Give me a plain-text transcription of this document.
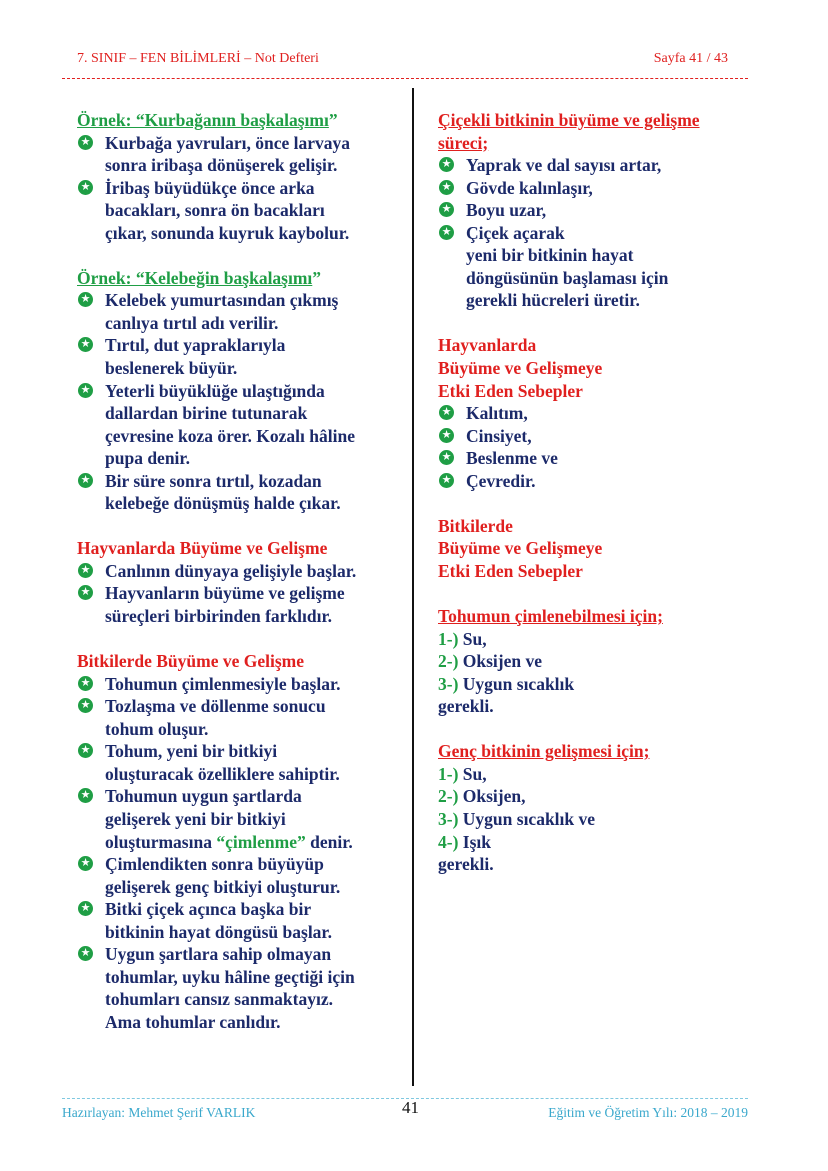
7. SINIF – FEN BİLİMLERİ – Not Defteri	Sayfa 41 / 43
Örnek: “Kurbağanın başkalaşımı”
★ Kurbağa yavruları, önce larvaya
sonra iribaşa dönüşerek gelişir.
★ İribaş büyüdükçe önce arka
bacakları, sonra ön bacakları
çıkar, sonunda kuyruk kaybolur.
Örnek: “Kelebeğin başkalaşımı”
★ Kelebek yumurtasından çıkmış
canlıya tırtıl adı verilir.
★ Tırtıl, dut yapraklarıyla
beslenerek büyür.
★ Yeterli büyüklüğe ulaştığında
dallardan birine tutunarak
çevresine koza örer. Kozalı hâline
pupa denir.
★ Bir süre sonra tırtıl, kozadan
kelebeğe dönüşmüş halde çıkar.
Hayvanlarda Büyüme ve Gelişme
★ Canlının dünyaya gelişiyle başlar.
★ Hayvanların büyüme ve gelişme
süreçleri birbirinden farklıdır.
Bitkilerde Büyüme ve Gelişme
★ Tohumun çimlenmesiyle başlar.
★ Tozlaşma ve döllenme sonucu
tohum oluşur.
★ Tohum, yeni bir bitkiyi
oluşturacak özelliklere sahiptir.
★ Tohumun uygun şartlarda
gelişerek yeni bir bitkiyi
oluşturmasına “çimlenme” denir.
★ Çimlendikten sonra büyüyüp
gelişerek genç bitkiyi oluşturur.
★ Bitki çiçek açınca başka bir
bitkinin hayat döngüsü başlar.
★ Uygun şartlara sahip olmayan
tohumlar, uyku hâline geçtiği için
tohumları cansız sanmaktayız.
Ama tohumlar canlıdır.
Çiçekli bitkinin büyüme ve gelişme
süreci;
★ Yaprak ve dal sayısı artar,
★ Gövde kalınlaşır,
★ Boyu uzar,
★ Çiçek açarak
yeni bir bitkinin hayat
döngüsünün başlaması için
gerekli hücreleri üretir.
Hayvanlarda
Büyüme ve Gelişmeye
Etki Eden Sebepler
★ Kalıtım,
★ Cinsiyet,
★ Beslenme ve
★ Çevredir.
Bitkilerde
Büyüme ve Gelişmeye
Etki Eden Sebepler
Tohumun çimlenebilmesi için;
1-) Su,
2-) Oksijen ve
3-) Uygun sıcaklık
gerekli.
Genç bitkinin gelişmesi için;
1-) Su,
2-) Oksijen,
3-) Uygun sıcaklık ve
4-) Işık
gerekli.
Hazırlayan: Mehmet Şerif VARLIK	41	Eğitim ve Öğretim Yılı: 2018 – 2019
